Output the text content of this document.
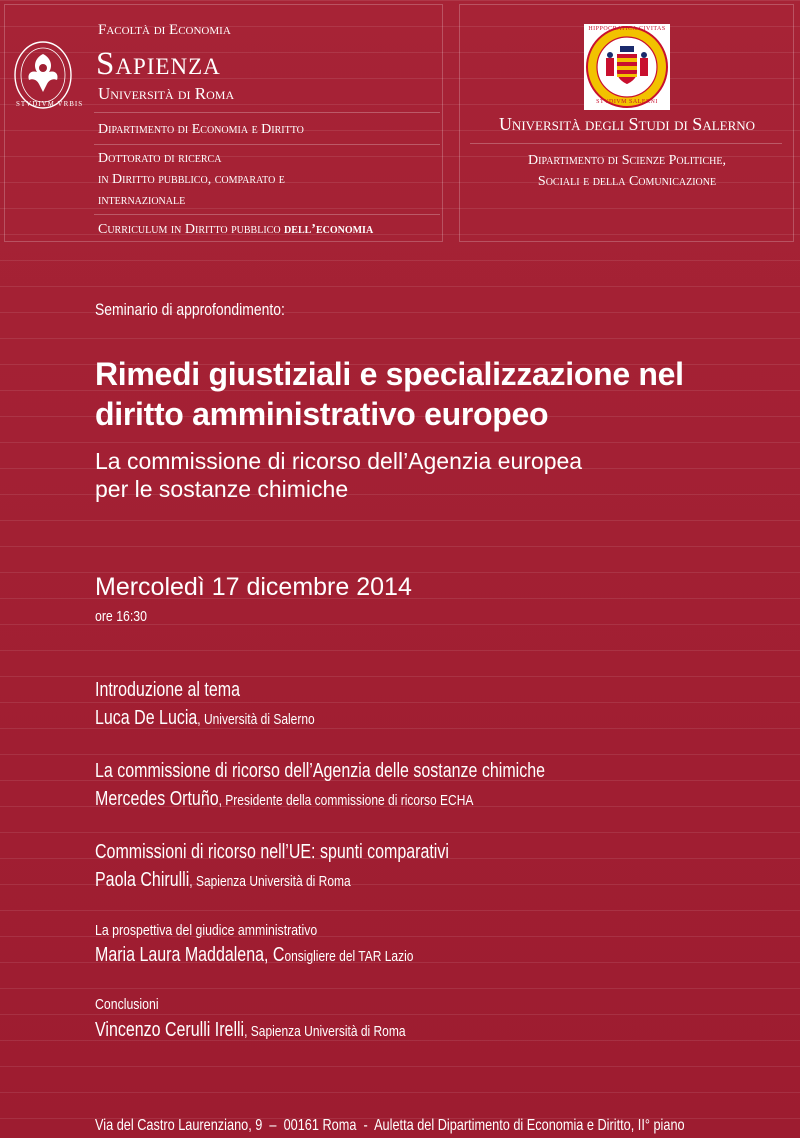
STVDIVM VRBIS
Facoltà di Economia
Sapienza
Università di Roma
Dipartimento di Economia e Diritto
Dottorato di ricerca
in Diritto pubblico, comparato e
internazionale
Curriculum in Diritto pubblico dell’economia
HIPPOCRATICA CIVITAS
STVDIVM SALERNI
Università degli Studi di Salerno
Dipartimento di Scienze Politiche,
Sociali e della Comunicazione
Seminario di approfondimento:
Rimedi giustiziali e specializzazione nel
diritto amministrativo europeo
La commissione di ricorso dell’Agenzia europea
per le sostanze chimiche
Mercoledì 17 dicembre 2014
ore 16:30
Introduzione al tema
Luca De Lucia, Università di Salerno
La commissione di ricorso dell’Agenzia delle sostanze chimiche
Mercedes Ortuño, Presidente della commissione di ricorso ECHA
Commissioni di ricorso nell’UE: spunti comparativi
Paola Chirulli, Sapienza Università di Roma
La prospettiva del giudice amministrativo
Maria Laura Maddalena, Consigliere del TAR Lazio
Conclusioni
Vincenzo Cerulli Irelli, Sapienza Università di Roma
Via del Castro Laurenziano, 9  –  00161 Roma  -  Auletta del Dipartimento di Economia e Diritto, II° piano
